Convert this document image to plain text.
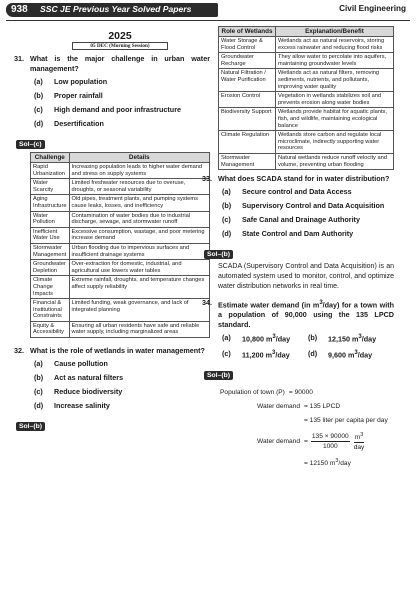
938	SSC JE Previous Year Solved Papers	Civil Engineering
2025
05 DEC (Morning Session)
31. What is the major challenge in urban water management?
(a)	Low population
(b)	Proper rainfall
(c)	High demand and poor infrastructure
(d)	Desertification
Sol–(c)
Challenge	Details
Rapid Urbanization	Increasing population leads to higher water demand and stress on supply systems
Water Scarcity	Limited freshwater resources due to overuse, droughts, or seasonal variability
Aging Infrastructure	Old pipes, treatment plants, and pumping systems cause leaks, losses, and inefficiency
Water Pollution	Contamination of water bodies due to industrial discharge, sewage, and stormwater runoff
Inefficient Water Use	Excessive consumption, wastage, and poor metering increase demand
Stormwater Management	Urban flooding due to impervious surfaces and insufficient drainage systems
Groundwater Depletion	Over-extraction for domestic, industrial, and agricultural use lowers water tables
Climate Change Impacts	Extreme rainfall, droughts, and temperature changes affect supply reliability
Financial & Institutional Constraints	Limited funding, weak governance, and lack of integrated planning
Equity & Accessibility	Ensuring all urban residents have safe and reliable water supply, including marginalized areas
32. What is the role of wetlands in water management?
(a)	Cause pollution
(b)	Act as natural filters
(c)	Reduce biodiversity
(d)	Increase salinity
Sol–(b)
Role of Wetlands	Explanation/Benefit
Water Storage & Flood Control	Wetlands act as natural reservoirs, storing excess rainwater and reducing flood risks
Groundwater Recharge	They allow water to percolate into aquifers, maintaining groundwater levels
Natural Filtration / Water Purification	Wetlands act as natural filters, removing sediments, nutrients, and pollutants, improving water quality
Erosion Control	Vegetation in wetlands stabilizes soil and prevents erosion along water bodies
Biodiversity Support	Wetlands provide habitat for aquatic plants, fish, and wildlife, maintaining ecological balance
Climate Regulation	Wetlands store carbon and regulate local microclimate, indirectly supporting water resources
Stormwater Management	Natural wetlands reduce runoff velocity and volume, preventing urban flooding
33. What does SCADA stand for in water distribution?
(a)	Secure control and Data Access
(b)	Supervisory Control and Data Acquisition
(c)	Safe Canal and Drainage Authority
(d)	State Control and Dam Authority
Sol–(b)

SCADA (Supervisory Control and Data Acquisition) is an automated system used to monitor, control, and optimize water distribution networks in real time.

34. Estimate water demand (in $m^3/day$) for a town with a population of 90,000 using the 135 LPCD standard.
(a)	10,800 $m^3$/day (b)	12,150 $m^3$/day
(c)	11,200 $m^3$/day	(d)	9,600 $m^3$/day
Sol–(b)
Population of town (P) = 90000
Water demand = 135 LPCD
= 135 liter per capita per day
Water demand = $\frac{135 \times 90000}{1000} \frac{m^3}{\text{day}}$
= 12150 $m^3$/day
